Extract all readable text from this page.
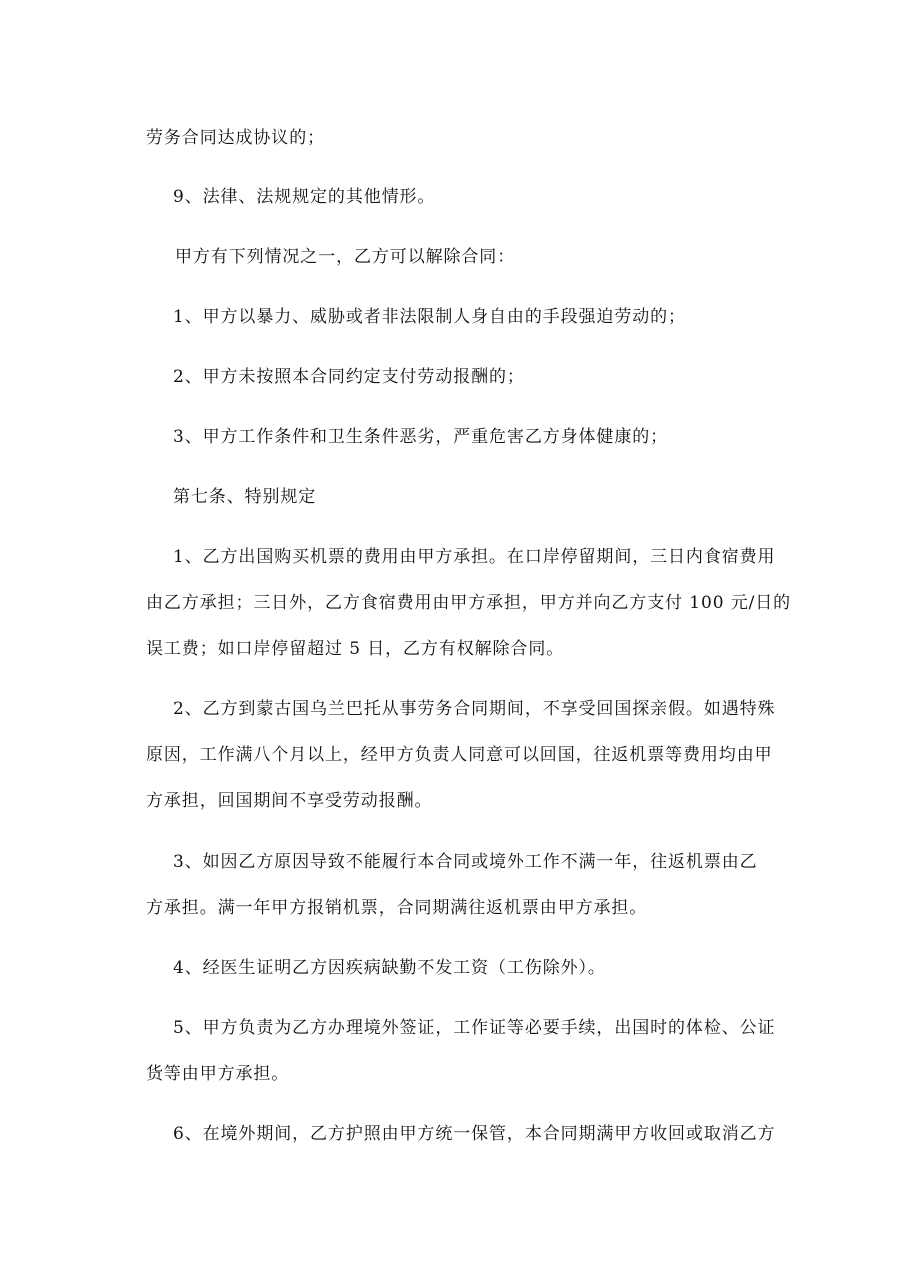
劳务合同达成协议的；
9、法律、法规规定的其他情形。
甲方有下列情况之一，乙方可以解除合同：
1、甲方以暴力、威胁或者非法限制人身自由的手段强迫劳动的；
2、甲方未按照本合同约定支付劳动报酬的；
3、甲方工作条件和卫生条件恶劣，严重危害乙方身体健康的；
第七条、特别规定
1、乙方出国购买机票的费用由甲方承担。在口岸停留期间，三日内食宿费用
由乙方承担；三日外，乙方食宿费用由甲方承担，甲方并向乙方支付 100 元/日的
误工费；如口岸停留超过 5 日，乙方有权解除合同。
2、乙方到蒙古国乌兰巴托从事劳务合同期间，不享受回国探亲假。如遇特殊
原因，工作满八个月以上，经甲方负责人同意可以回国，往返机票等费用均由甲
方承担，回国期间不享受劳动报酬。
3、如因乙方原因导致不能履行本合同或境外工作不满一年，往返机票由乙
方承担。满一年甲方报销机票，合同期满往返机票由甲方承担。
4、经医生证明乙方因疾病缺勤不发工资（工伤除外）。
5、甲方负责为乙方办理境外签证，工作证等必要手续，出国时的体检、公证
货等由甲方承担。
6、在境外期间，乙方护照由甲方统一保管，本合同期满甲方收回或取消乙方
